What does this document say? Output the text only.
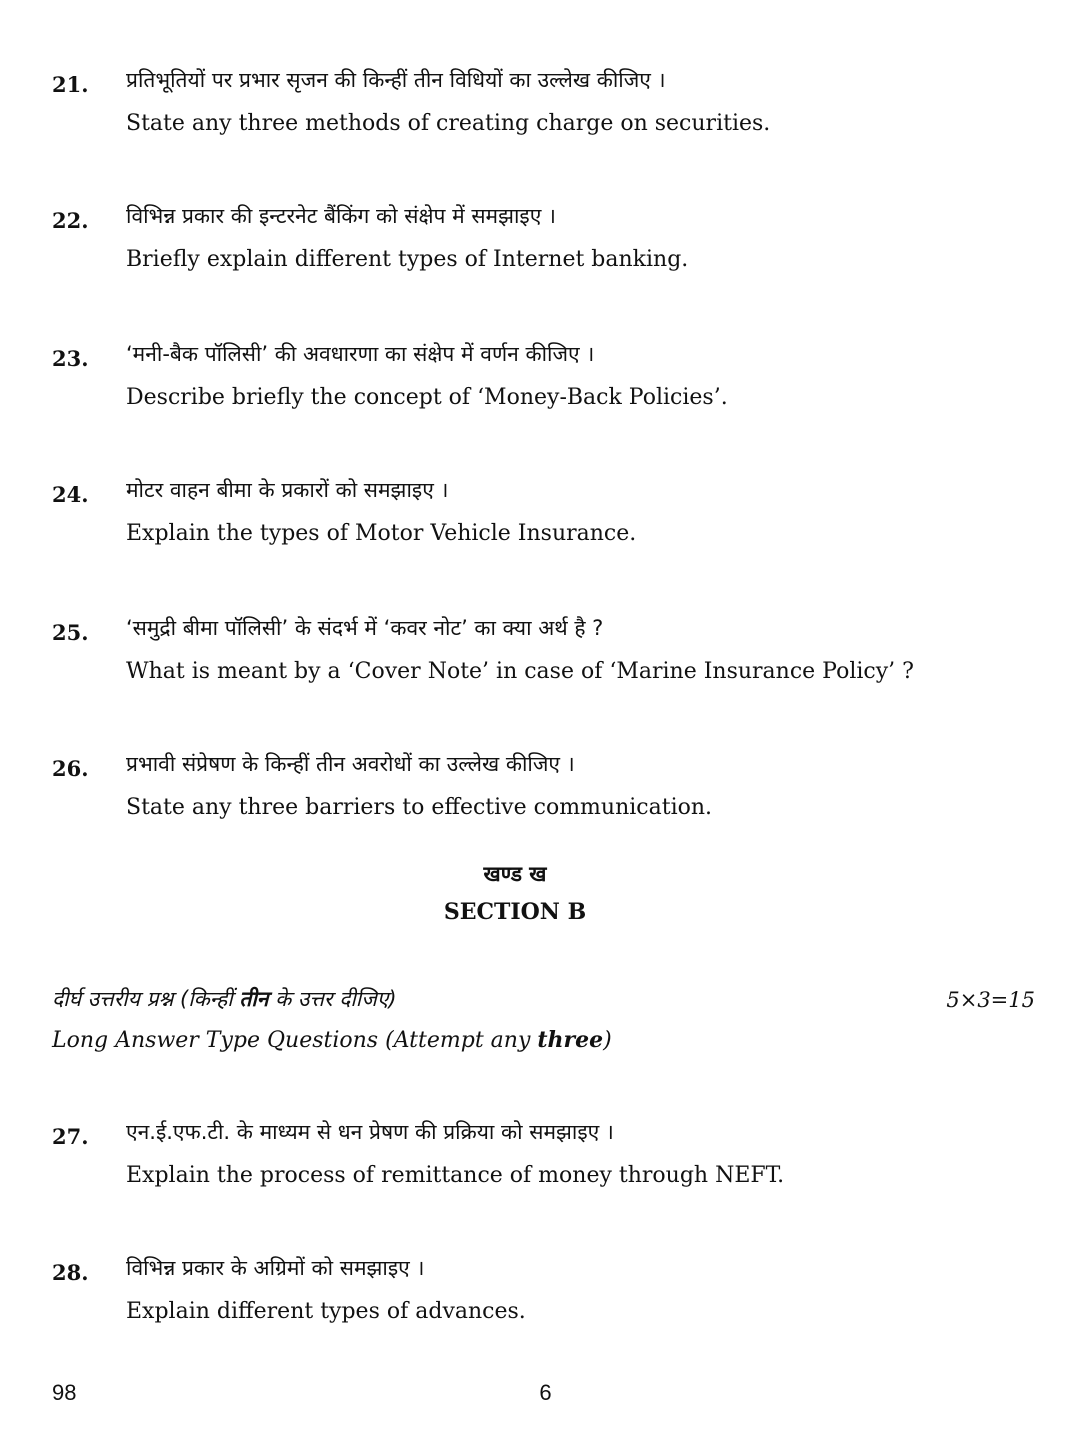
21. प्रतिभूतियों पर प्रभार सृजन की किन्हीं तीन विधियों का उल्लेख कीजिए ।
State any three methods of creating charge on securities.
22. विभिन्न प्रकार की इन्टरनेट बैंकिंग को संक्षेप में समझाइए ।
Briefly explain different types of Internet banking.
23. ‘मनी-बैक पॉलिसी’ की अवधारणा का संक्षेप में वर्णन कीजिए ।
Describe briefly the concept of ‘Money-Back Policies’.
24. मोटर वाहन बीमा के प्रकारों को समझाइए ।
Explain the types of Motor Vehicle Insurance.
25. ‘समुद्री बीमा पॉलिसी’ के संदर्भ में ‘कवर नोट’ का क्या अर्थ है ?
What is meant by a ‘Cover Note’ in case of ‘Marine Insurance Policy’ ?
26. प्रभावी संप्रेषण के किन्हीं तीन अवरोधों का उल्लेख कीजिए ।
State any three barriers to effective communication.
खण्ड ख
SECTION B
दीर्घ उत्तरीय प्रश्न (किन्हीं तीन के उत्तर दीजिए)	5×3=15
Long Answer Type Questions (Attempt any three)
27. एन.ई.एफ.टी. के माध्यम से धन प्रेषण की प्रक्रिया को समझाइए ।
Explain the process of remittance of money through NEFT.
28. विभिन्न प्रकार के अग्रिमों को समझाइए ।
Explain different types of advances.
98	6
